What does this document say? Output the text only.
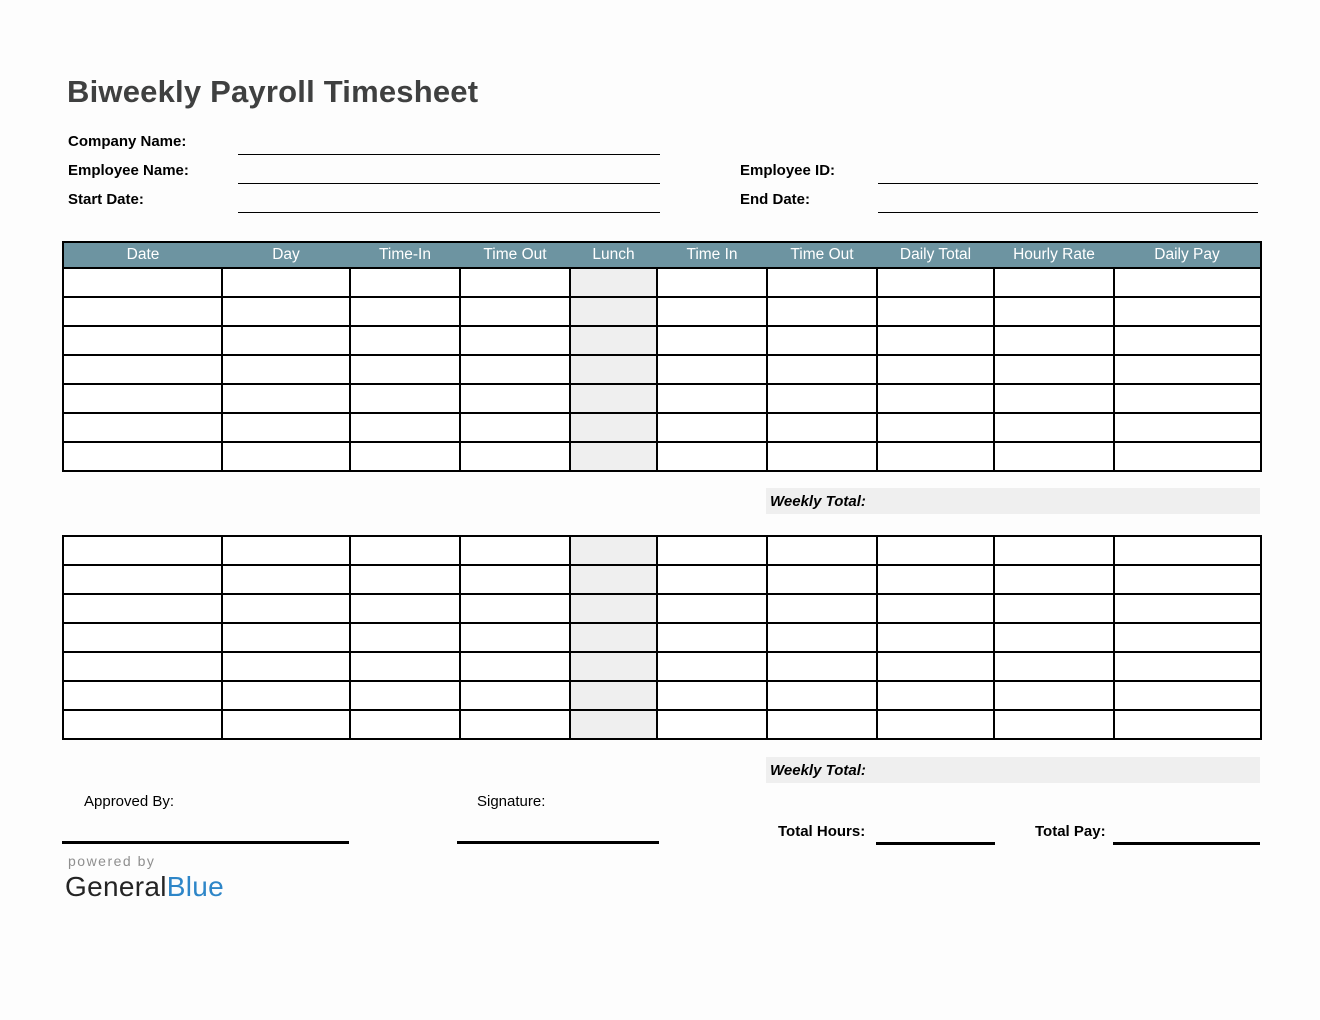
Biweekly Payroll Timesheet
Company Name:
Employee Name:
Start Date:
Employee ID:
End Date:
Date	Day	Time-In	Time Out	Lunch	Time In	Time Out	Daily Total	Hourly Rate	Daily Pay

Weekly Total:

Weekly Total:
Approved By:	Signature:
Total Hours:	Total Pay:
powered by
GeneralBlue
